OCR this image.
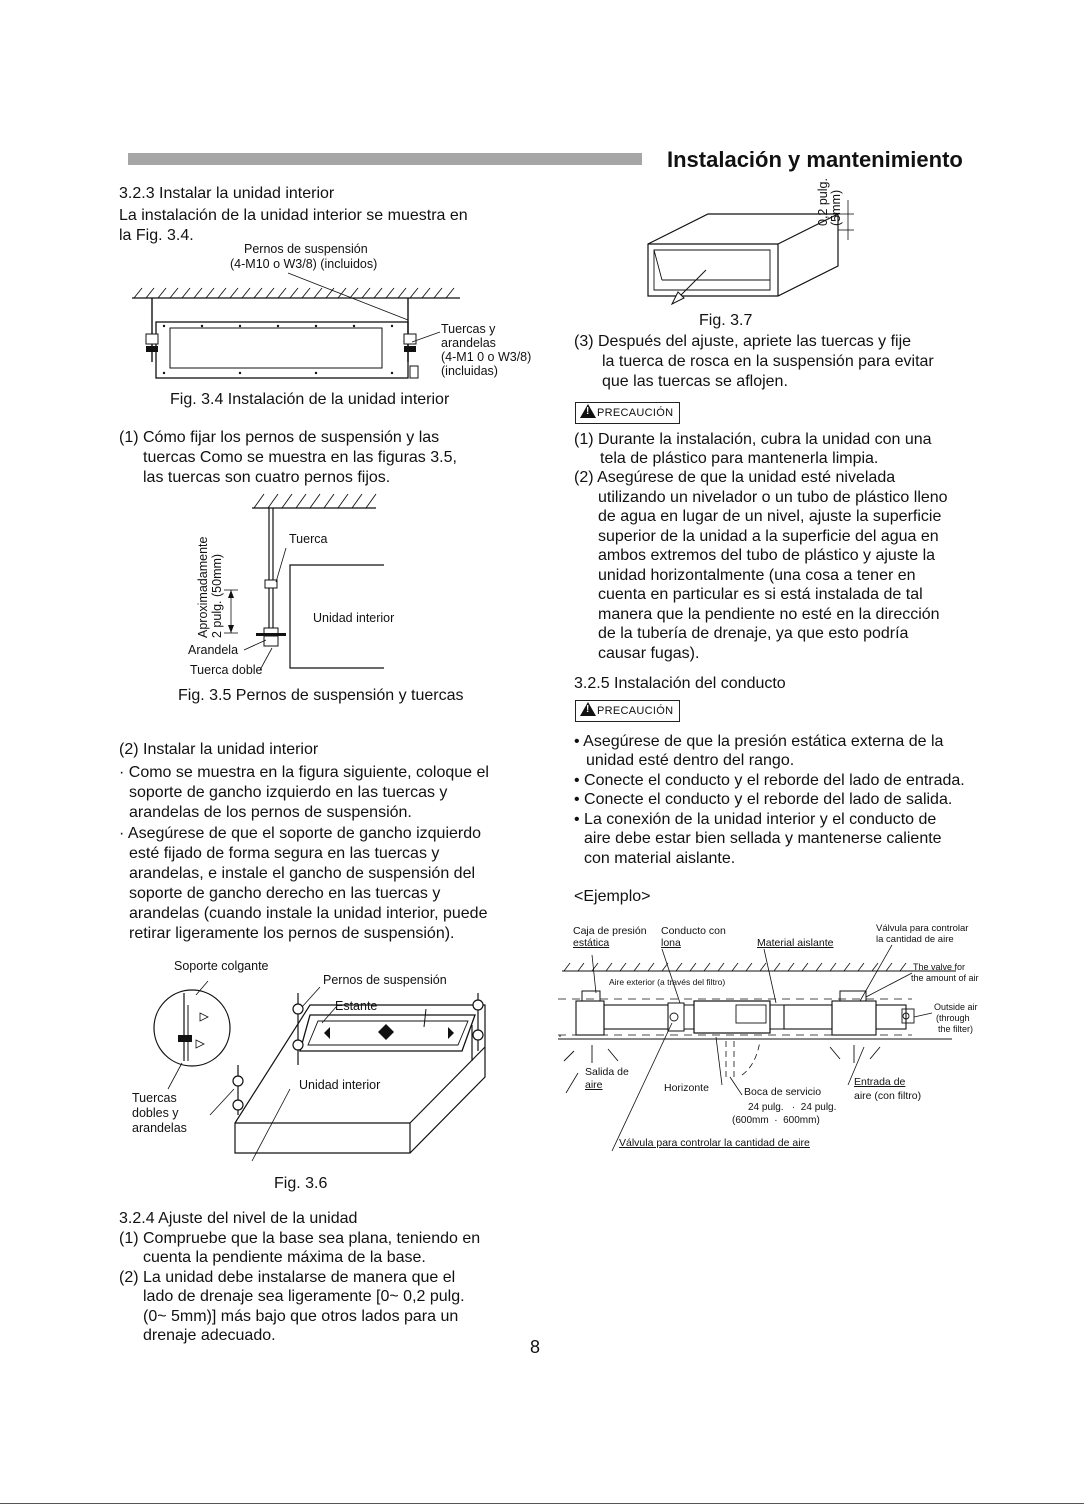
Instalación y mantenimiento
3.2.3 Instalar la unidad interior
La instalación de la unidad interior se muestra en
la Fig. 3.4.
Pernos de suspensión
(4-M10 o W3/8) (incluidos)
Tuercas y
arandelas
(4-M1 0 o W3/8)
(incluidas)
Fig. 3.4 Instalación de la unidad interior
(1) Cómo fijar los pernos de suspensión y las
tuercas Como se muestra en las figuras 3.5,
las tuercas son cuatro pernos fijos.
Aproximadamente 2 pulg. (50mm)
Tuerca
Unidad interior
Arandela
Tuerca doble
Fig. 3.5 Pernos de suspensión y tuercas
(2) Instalar la unidad interior
· Como se muestra en la figura siguiente, coloque el
soporte de gancho izquierdo en las tuercas y
arandelas de los pernos de suspensión.
· Asegúrese de que el soporte de gancho izquierdo
esté fijado de forma segura en las tuercas y
arandelas, e instale el gancho de suspensión del
soporte de gancho derecho en las tuercas y
arandelas (cuando instale la unidad interior, puede
retirar ligeramente los pernos de suspensión).
Soporte colgante
Pernos de suspensión
Estante
Unidad interior
Tuercas
dobles y
arandelas
Fig. 3.6
3.2.4 Ajuste del nivel de la unidad
(1) Compruebe que la base sea plana, teniendo en
cuenta la pendiente máxima de la base.
(2) La unidad debe instalarse de manera que el
lado de drenaje sea ligeramente [0~ 0,2 pulg.
(0~ 5mm)] más bajo que otros lados para un
drenaje adecuado.
0,2 pulg. (5mm)
Fig. 3.7
(3) Después del ajuste, apriete las tuercas y fije
la tuerca de rosca en la suspensión para evitar
que las tuercas se aflojen.
!PRECAUCIÓN
(1) Durante la instalación, cubra la unidad con una
tela de plástico para mantenerla limpia.
(2) Asegúrese de que la unidad esté nivelada
utilizando un nivelador o un tubo de plástico lleno
de agua en lugar de un nivel, ajuste la superficie
superior de la unidad a la superficie del agua en
ambos extremos del tubo de plástico y ajuste la
unidad horizontalmente (una cosa a tener en
cuenta en particular es si está instalada de tal
manera que la pendiente no esté en la dirección
de la tubería de drenaje, ya que esto podría
causar fugas).
3.2.5 Instalación del conducto
!PRECAUCIÓN
• Asegúrese de que la presión estática externa de la
unidad esté dentro del rango.
• Conecte el conducto y el reborde del lado de entrada.
• Conecte el conducto y el reborde del lado de salida.
• La conexión de la unidad interior y el conducto de
aire debe estar bien sellada y mantenerse caliente
con material aislante.
<Ejemplo>
Caja de presión
estática
Conducto con
lona	Material aislante
Válvula para controlar
la cantidad de aire
The valve for
the amount of air
Aire exterior (a través del filtro)
Outside air
(through
the filter)
Salida de
aire	Horizonte	Boca de servicio
24 pulg.   ·  24 pulg.
(600mm  ·  600mm)
Entrada de
aire (con filtro)
Válvula para controlar la cantidad de aire
8
